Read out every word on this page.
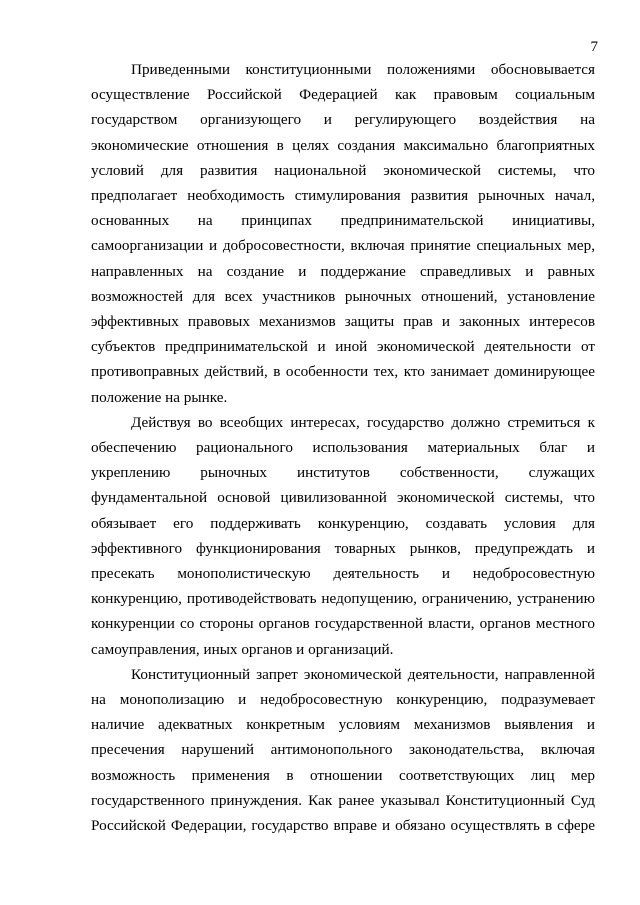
7

Приведенными конституционными положениями обосновывается осуществление Российской Федерацией как правовым социальным государством организующего и регулирующего воздействия на экономические отношения в целях создания максимально благоприятных условий для развития национальной экономической системы, что предполагает необходимость стимулирования развития рыночных начал, основанных на принципах предпринимательской инициативы, самоорганизации и добросовестности, включая принятие специальных мер, направленных на создание и поддержание справедливых и равных возможностей для всех участников рыночных отношений, установление эффективных правовых механизмов защиты прав и законных интересов субъектов предпринимательской и иной экономической деятельности от противоправных действий, в особенности тех, кто занимает доминирующее положение на рынке.

Действуя во всеобщих интересах, государство должно стремиться к обеспечению рационального использования материальных благ и укреплению рыночных институтов собственности, служащих фундаментальной основой цивилизованной экономической системы, что обязывает его поддерживать конкуренцию, создавать условия для эффективного функционирования товарных рынков, предупреждать и пресекать монополистическую деятельность и недобросовестную конкуренцию, противодействовать недопущению, ограничению, устранению конкуренции со стороны органов государственной власти, органов местного самоуправления, иных органов и организаций.

Конституционный запрет экономической деятельности, направленной на монополизацию и недобросовестную конкуренцию, подразумевает наличие адекватных конкретным условиям механизмов выявления и пресечения нарушений антимонопольного законодательства, включая возможность применения в отношении соответствующих лиц мер государственного принуждения. Как ранее указывал Конституционный Суд Российской Федерации, государство вправе и обязано осуществлять в сфере
